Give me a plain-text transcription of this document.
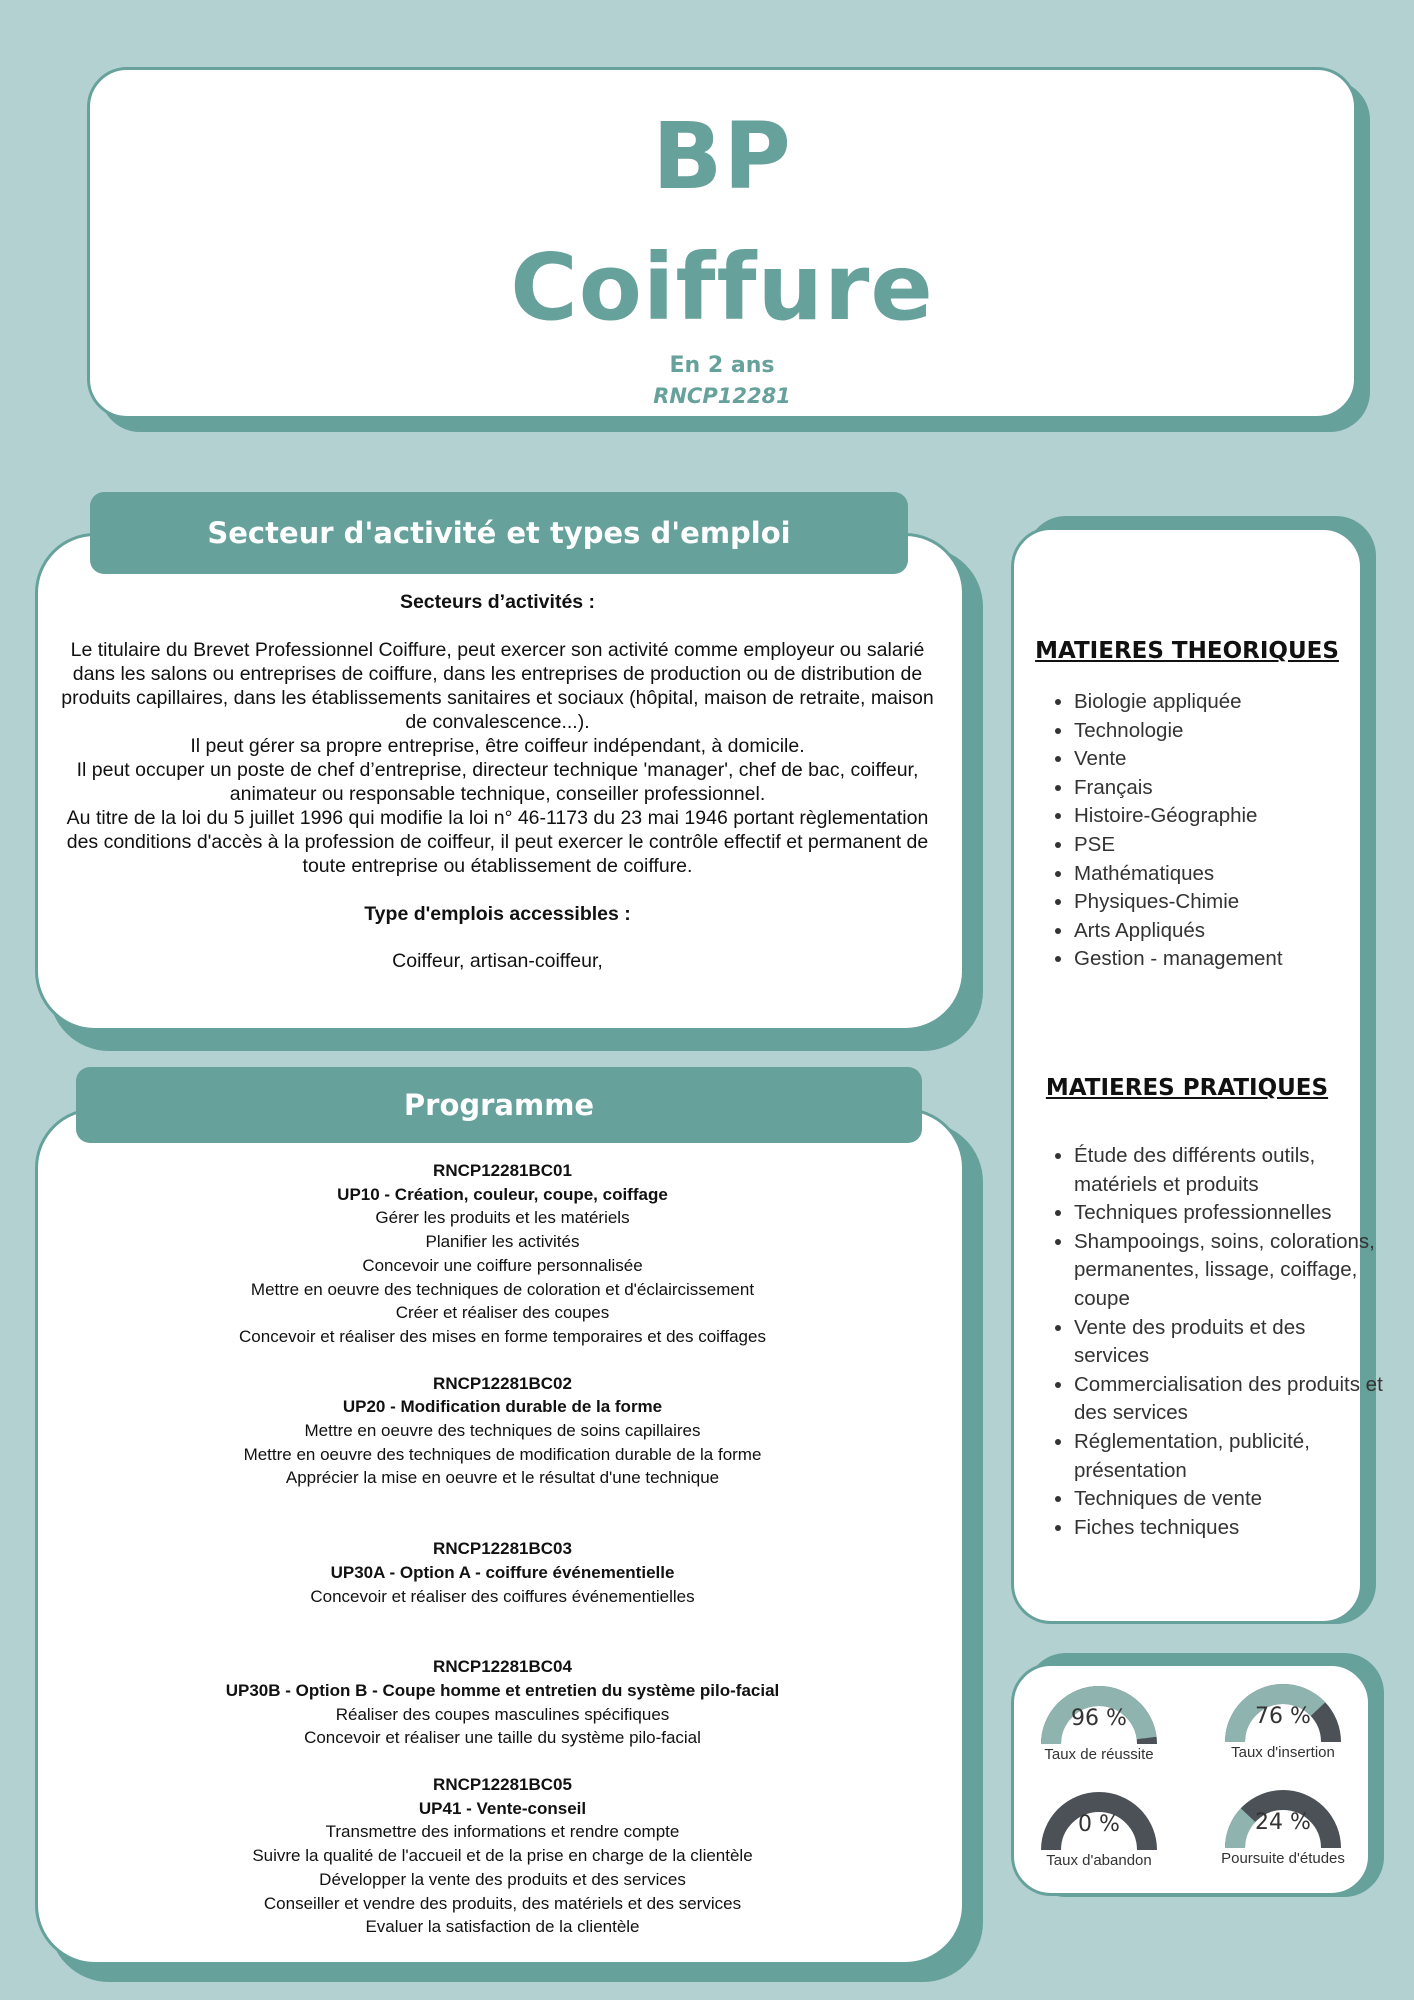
BP
Coiffure
En 2 ans
RNCP12281
Secteur d'activité et types d'emploi
Secteurs d’activités :
Le titulaire du Brevet Professionnel Coiffure, peut exercer son activité comme employeur ou salarié dans les salons ou entreprises de coiffure, dans les entreprises de production ou de distribution de produits capillaires, dans les établissements sanitaires et sociaux (hôpital, maison de retraite, maison de convalescence...).
Il peut gérer sa propre entreprise, être coiffeur indépendant, à domicile.
Il peut occuper un poste de chef d’entreprise, directeur technique 'manager', chef de bac, coiffeur, animateur ou responsable technique, conseiller professionnel.
Au titre de la loi du 5 juillet 1996 qui modifie la loi n° 46-1173 du 23 mai 1946 portant règlementation des conditions d'accès à la profession de coiffeur, il peut exercer le contrôle effectif et permanent de toute entreprise ou établissement de coiffure.
Type d'emplois accessibles :
Coiffeur, artisan-coiffeur,
Programme
RNCP12281BC01
UP10 - Création, couleur, coupe, coiffage
Gérer les produits et les matériels
Planifier les activités
Concevoir une coiffure personnalisée
Mettre en oeuvre des techniques de coloration et d'éclaircissement
Créer et réaliser des coupes
Concevoir et réaliser des mises en forme temporaires et des coiffages
RNCP12281BC02
UP20 - Modification durable de la forme
Mettre en oeuvre des techniques de soins capillaires
Mettre en oeuvre des techniques de modification durable de la forme
Apprécier la mise en oeuvre et le résultat d'une technique
RNCP12281BC03
UP30A - Option A - coiffure événementielle
Concevoir et réaliser des coiffures événementielles
RNCP12281BC04
UP30B - Option B - Coupe homme et entretien du système pilo-facial
Réaliser des coupes masculines spécifiques
Concevoir et réaliser une taille du système pilo-facial
RNCP12281BC05
UP41 - Vente-conseil
Transmettre des informations et rendre compte
Suivre la qualité de l'accueil et de la prise en charge de la clientèle
Développer la vente des produits et des services
Conseiller et vendre des produits, des matériels et des services
Evaluer la satisfaction de la clientèle
MATIERES THEORIQUES
• Biologie appliquée
• Technologie
• Vente
• Français
• Histoire-Géographie
• PSE
• Mathématiques
• Physiques-Chimie
• Arts Appliqués
• Gestion - management
MATIERES PRATIQUES
• Étude des différents outils, matériels et produits
• Techniques professionnelles
• Shampooings, soins, colorations, permanentes, lissage, coiffage, coupe
• Vente des produits et des services
• Commercialisation des produits et des services
• Réglementation, publicité, présentation
• Techniques de vente
• Fiches techniques
96 %
Taux de réussite
76 %
Taux d'insertion
0 %
Taux d'abandon
24 %
Poursuite d'études
